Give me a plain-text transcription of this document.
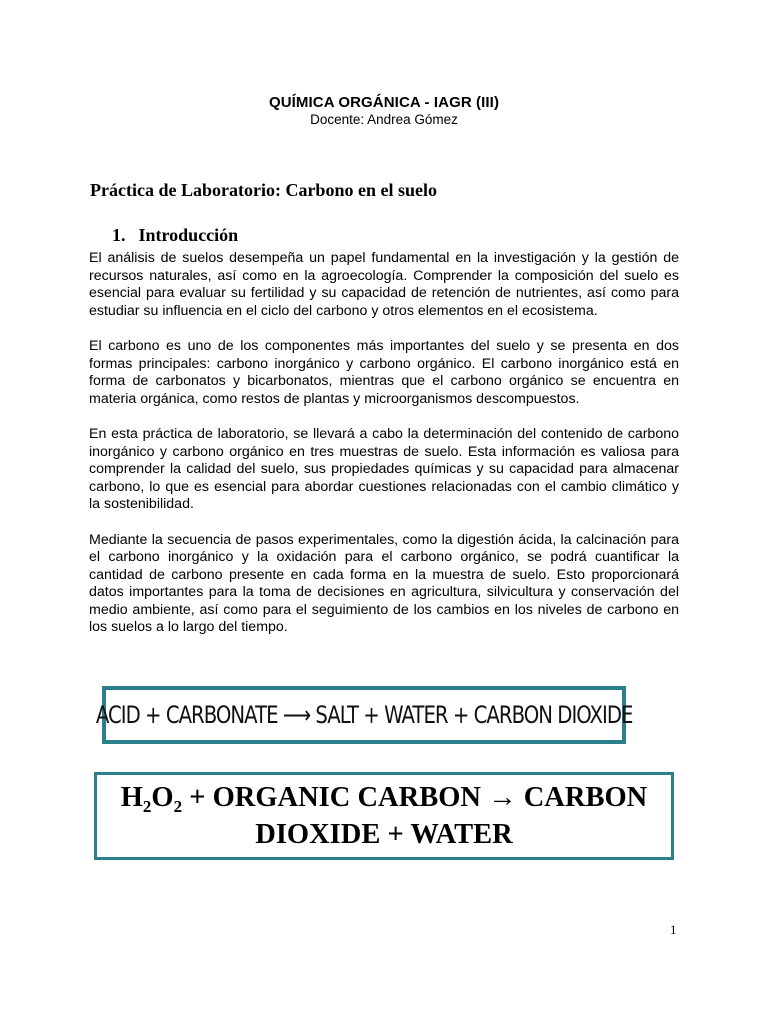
QUÍMICA ORGÁNICA - IAGR (III)
Docente: Andrea Gómez
Práctica de Laboratorio: Carbono en el suelo
1. Introducción

El análisis de suelos desempeña un papel fundamental en la investigación y la gestión de recursos naturales, así como en la agroecología. Comprender la composición del suelo es esencial para evaluar su fertilidad y su capacidad de retención de nutrientes, así como para estudiar su influencia en el ciclo del carbono y otros elementos en el ecosistema.

El carbono es uno de los componentes más importantes del suelo y se presenta en dos formas principales: carbono inorgánico y carbono orgánico. El carbono inorgánico está en forma de carbonatos y bicarbonatos, mientras que el carbono orgánico se encuentra en materia orgánica, como restos de plantas y microorganismos descompuestos.

En esta práctica de laboratorio, se llevará a cabo la determinación del contenido de carbono inorgánico y carbono orgánico en tres muestras de suelo. Esta información es valiosa para comprender la calidad del suelo, sus propiedades químicas y su capacidad para almacenar carbono, lo que es esencial para abordar cuestiones relacionadas con el cambio climático y la sostenibilidad.

Mediante la secuencia de pasos experimentales, como la digestión ácida, la calcinación para el carbono inorgánico y la oxidación para el carbono orgánico, se podrá cuantificar la cantidad de carbono presente en cada forma en la muestra de suelo. Esto proporcionará datos importantes para la toma de decisiones en agricultura, silvicultura y conservación del medio ambiente, así como para el seguimiento de los cambios en los niveles de carbono en los suelos a lo largo del tiempo.

ACID + CARBONATE ⟶ SALT + WATER + CARBON DIOXIDE
$H_2O_2$ + ORGANIC CARBON → CARBON
DIOXIDE + WATER
1
